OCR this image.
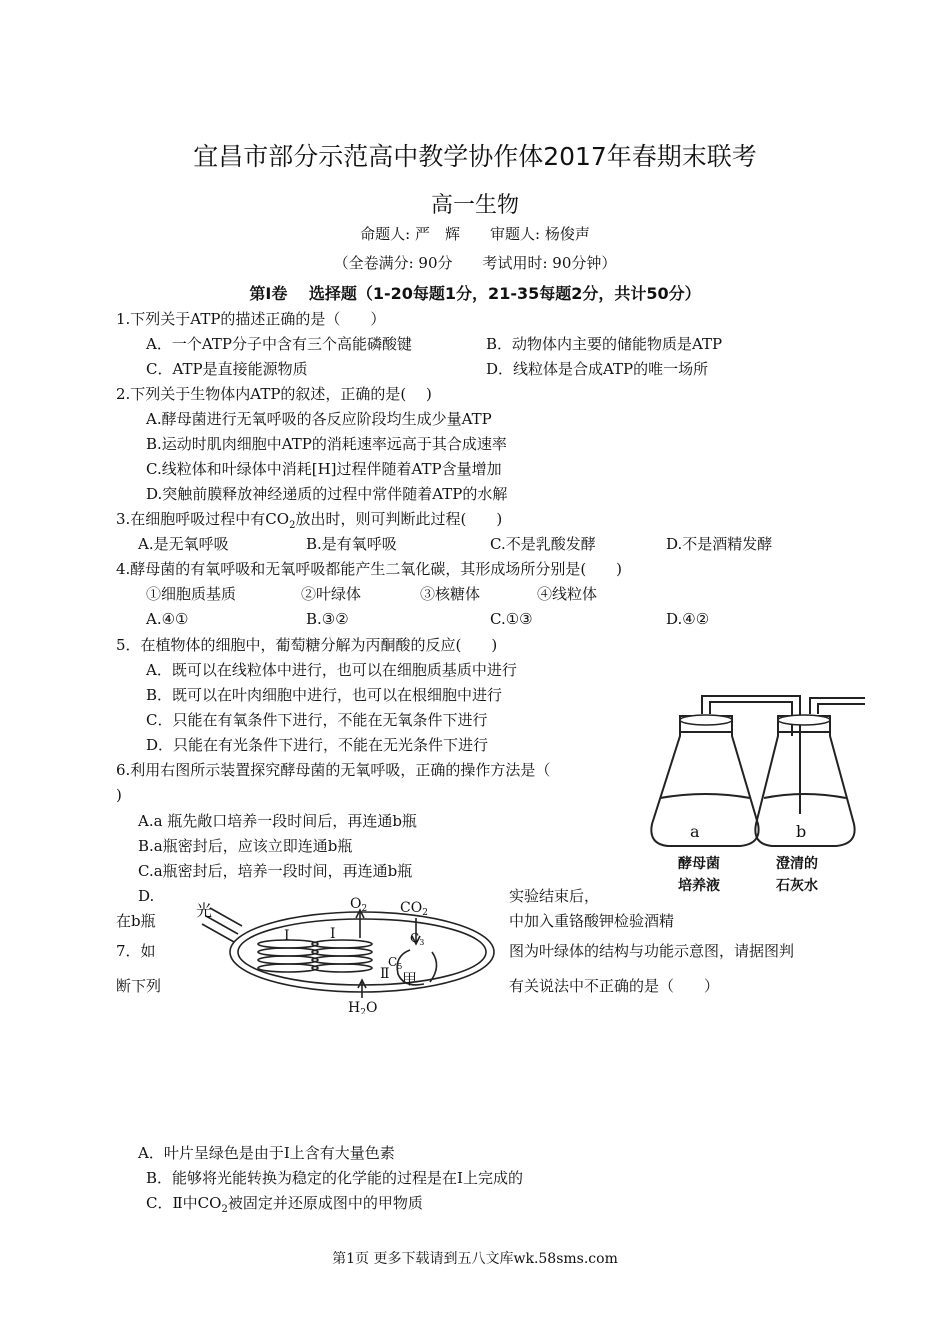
宜昌市部分示范高中教学协作体2017年春期末联考
高一生物
命题人: 严　辉　　审题人: 杨俊声
（全卷满分: 90分　　考试用时: 90分钟）
第Ⅰ卷　 选择题（1-20每题1分，21-35每题2分，共计50分）
1.下列关于ATP的描述正确的是（　　）
A．一个ATP分子中含有三个高能磷酸键	B．动物体内主要的储能物质是ATP
C．ATP是直接能源物质	D．线粒体是合成ATP的唯一场所
2.下列关于生物体内ATP的叙述，正确的是(　 )
A.酵母菌进行无氧呼吸的各反应阶段均生成少量ATP
B.运动时肌肉细胞中ATP的消耗速率远高于其合成速率
C.线粒体和叶绿体中消耗[H]过程伴随着ATP含量增加
D.突触前膜释放神经递质的过程中常伴随着ATP的水解
3.在细胞呼吸过程中有$CO_2$放出时，则可判断此过程(　　)
A.是无氧呼吸	B.是有氧呼吸	C.不是乳酸发酵	D.不是酒精发酵
4.酵母菌的有氧呼吸和无氧呼吸都能产生二氧化碳，其形成场所分别是(　　)
①细胞质基质	②叶绿体	③核糖体	④线粒体
A.④①	B.③②	C.①③	D.④②
5．在植物体的细胞中，葡萄糖分解为丙酮酸的反应(　　)
A．既可以在线粒体中进行，也可以在细胞质基质中进行
B．既可以在叶肉细胞中进行，也可以在根细胞中进行
C．只能在有氧条件下进行，不能在无氧条件下进行
D．只能在有光条件下进行，不能在无光条件下进行
6.利用右图所示装置探究酵母菌的无氧呼吸，正确的操作方法是（
)
A.a 瓶先敞口培养一段时间后，再连通b瓶
B.a瓶密封后，应该立即连通b瓶
C.a瓶密封后，培养一段时间，再连通b瓶
D.	实验结束后，
在b瓶	中加入重铬酸钾检验酒精
7．如	图为叶绿体的结构与功能示意图，请据图判
断下列	有关说法中不正确的是（　　）
A．叶片呈绿色是由于Ⅰ上含有大量色素
B．能够将光能转换为稳定的化学能的过程是在Ⅰ上完成的
C．Ⅱ中$CO_2$被固定并还原成图中的甲物质
a	b
酵母菌
培养液
澄清的
石灰水
光	$O_2$ $CO_2$
$C_3$
$C_5$
I	I
Ⅱ 甲
$H_2O$
第1页 更多下载请到五八文库wk.58sms.com
